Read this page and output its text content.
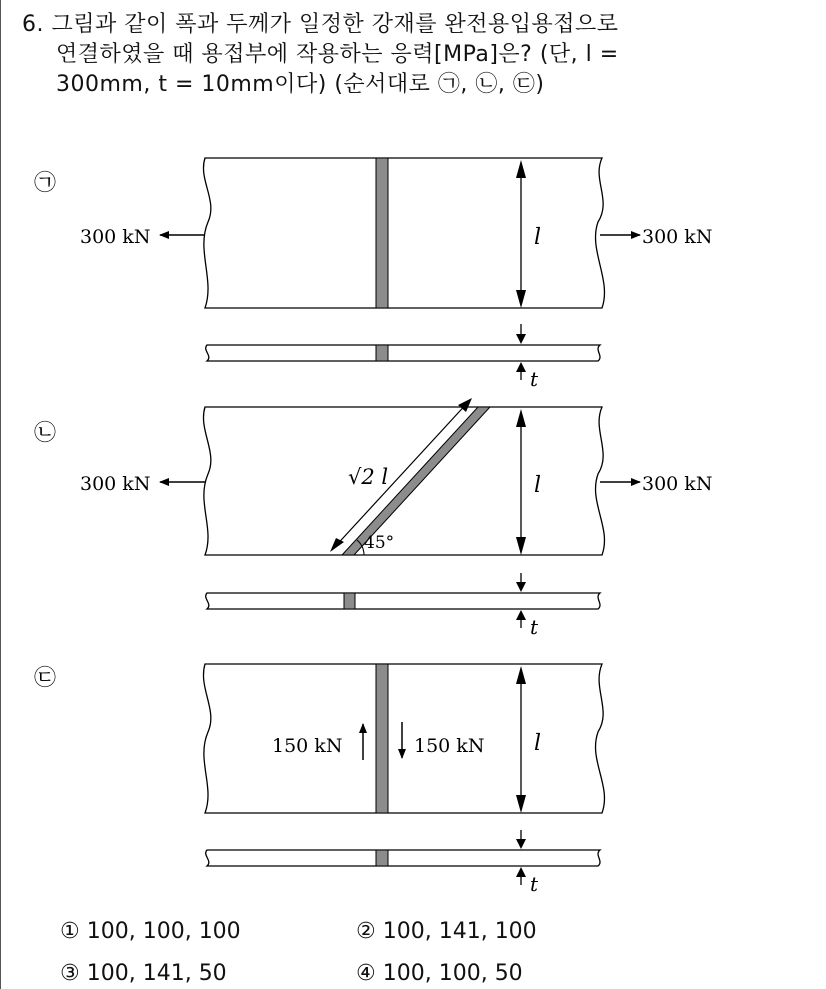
6. 그림과 같이 폭과 두께가 일정한 강재를 완전용입용접으로
연결하였을 때 용접부에 작용하는 응력[MPa]은? (단, l =
300mm, t = 10mm이다) (순서대로 ㉠, ㉡, ㉢)
㉠
l
300 kN	300 kN
t
㉡
√2 l
45°
l
300 kN	300 kN
t
㉢
150 kN	150 kN l
t
① 100, 100, 100	② 100, 141, 100
③ 100, 141, 50	④ 100, 100, 50
